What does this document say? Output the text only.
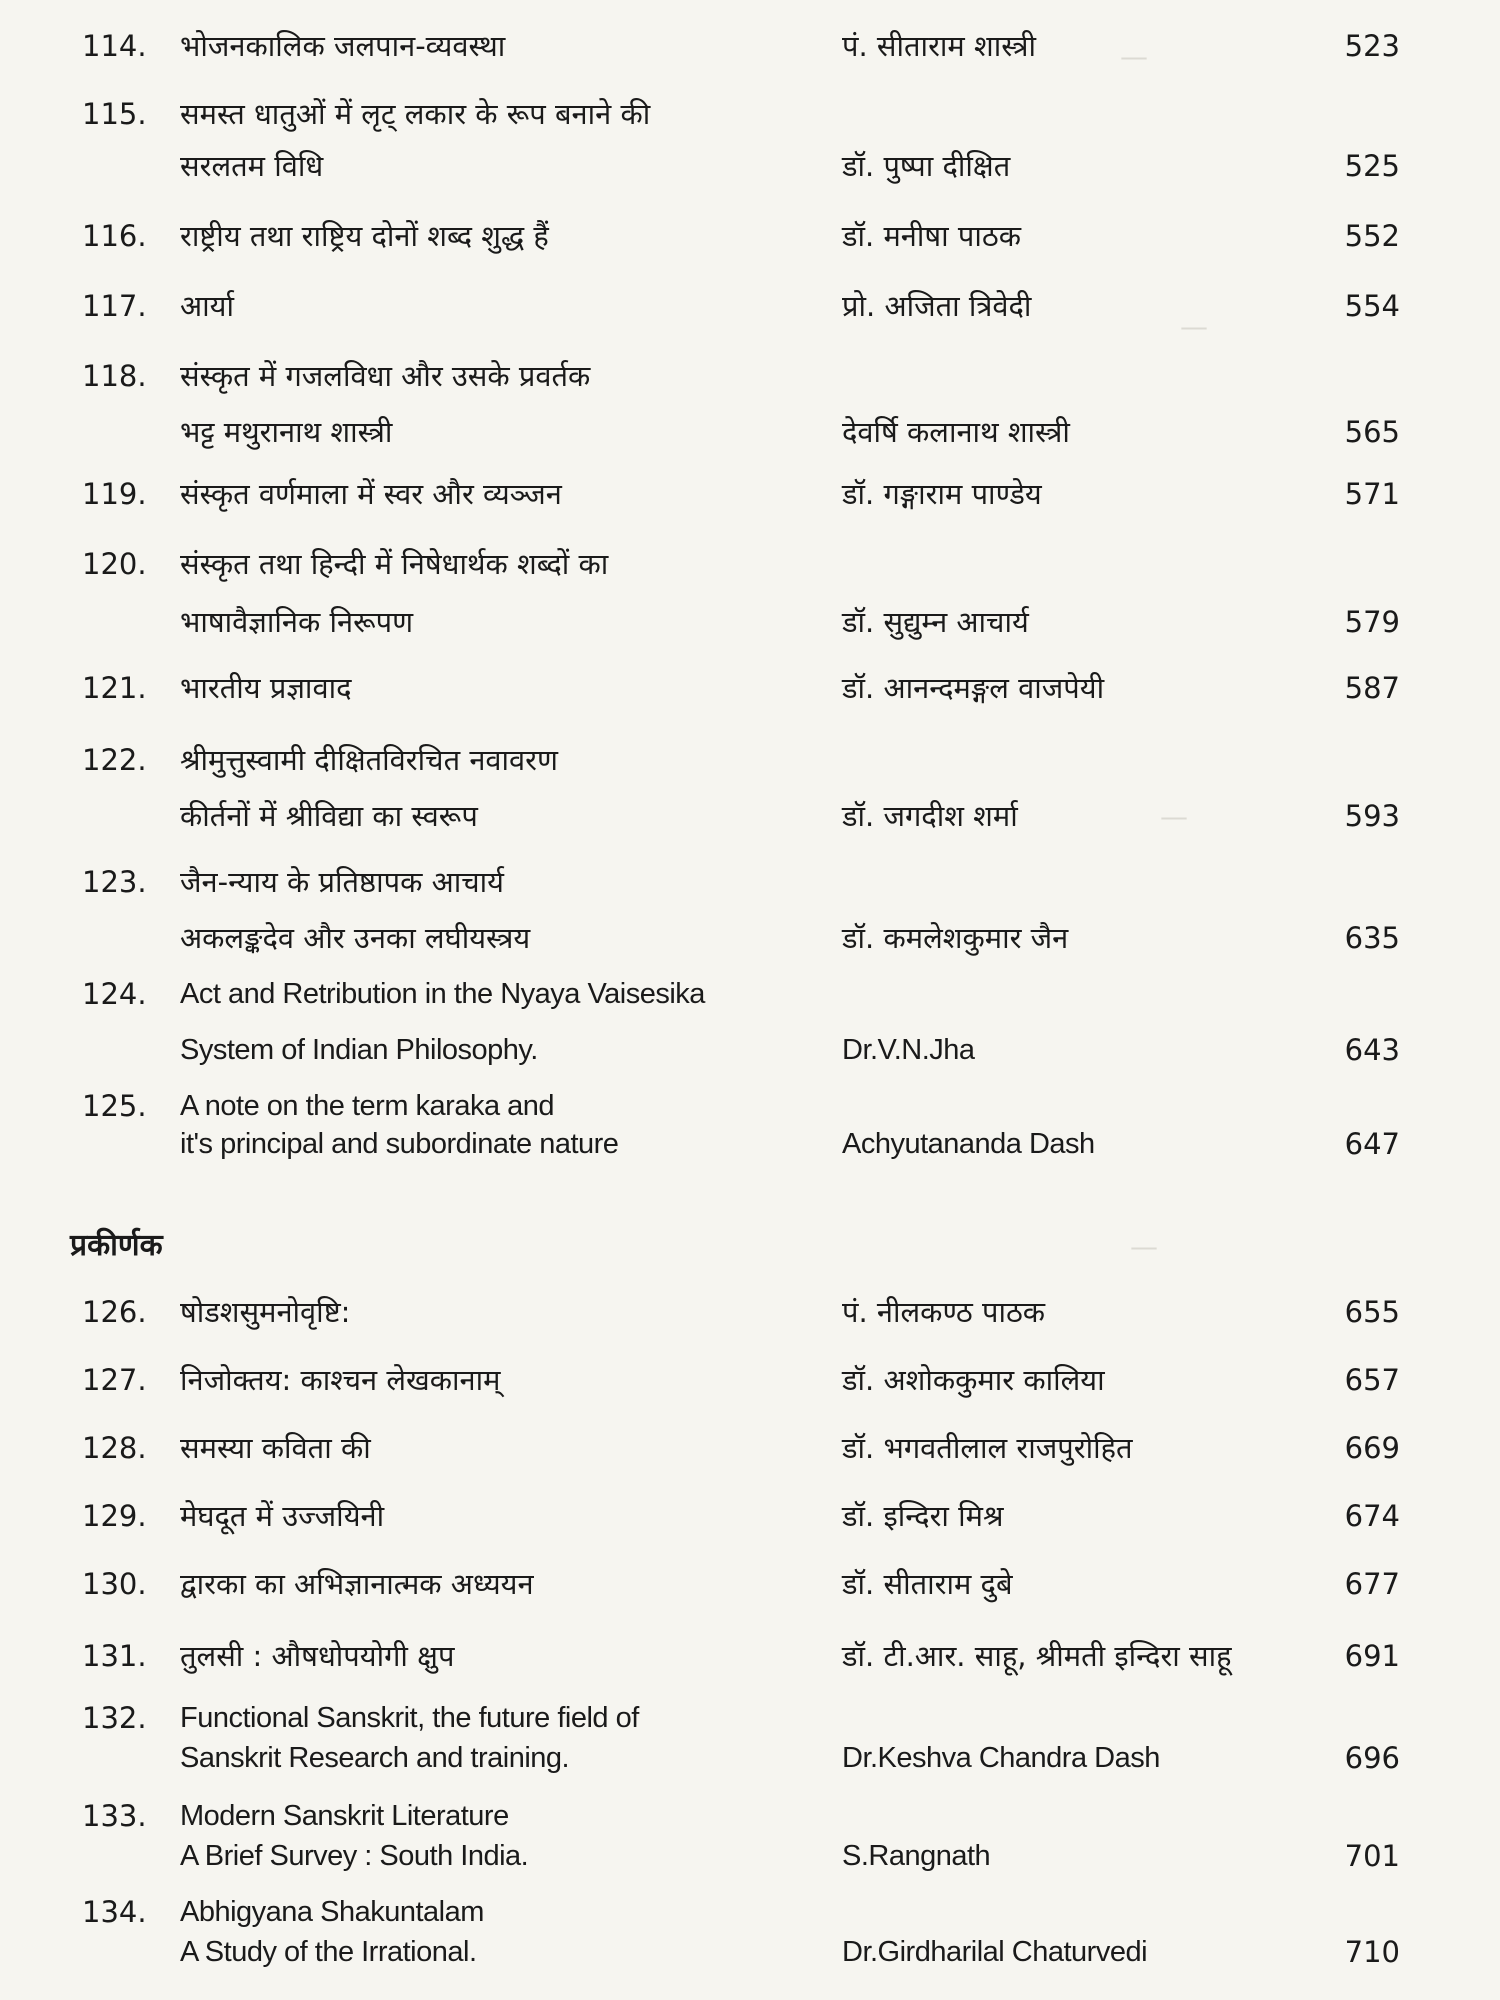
—
—
—
—
114.	भोजनकालिक जलपान-व्यवस्था	पं. सीताराम शास्त्री	523
115.	समस्त धातुओं में लृट् लकार के रूप बनाने की
सरलतम विधि	डॉ. पुष्पा दीक्षित	525
116.	राष्ट्रीय तथा राष्ट्रिय दोनों शब्द शुद्ध हैं	डॉ. मनीषा पाठक	552
117.	आर्या	प्रो. अजिता त्रिवेदी	554
118.	संस्कृत में गजलविधा और उसके प्रवर्तक
भट्ट मथुरानाथ शास्त्री	देवर्षि कलानाथ शास्त्री	565
119.	संस्कृत वर्णमाला में स्वर और व्यञ्जन	डॉ. गङ्गाराम पाण्डेय	571
120.	संस्कृत तथा हिन्दी में निषेधार्थक शब्दों का
भाषावैज्ञानिक निरूपण	डॉ. सुद्युम्न आचार्य	579
121.	भारतीय प्रज्ञावाद	डॉ. आनन्दमङ्गल वाजपेयी	587
122.	श्रीमुत्तुस्वामी दीक्षितविरचित नवावरण
कीर्तनों में श्रीविद्या का स्वरूप	डॉ. जगदीश शर्मा	593
123.	जैन-न्याय के प्रतिष्ठापक आचार्य
अकलङ्कदेव और उनका लघीयस्त्रय	डॉ. कमलेशकुमार जैन	635
124.	Act and Retribution in the Nyaya Vaisesika
System of Indian Philosophy.	Dr.V.N.Jha	643
125.	A note on the term karaka and
it's principal and subordinate nature	Achyutananda Dash	647
प्रकीर्णक
126.	षोडशसुमनोवृष्टि:	पं. नीलकण्ठ पाठक	655
127.	निजोक्तय: काश्चन लेखकानाम्	डॉ. अशोककुमार कालिया	657
128.	समस्या कविता की	डॉ. भगवतीलाल राजपुरोहित	669
129.	मेघदूत में उज्जयिनी	डॉ. इन्दिरा मिश्र	674
130.	द्वारका का अभिज्ञानात्मक अध्ययन	डॉ. सीताराम दुबे	677
131.	तुलसी : औषधोपयोगी क्षुप	डॉ. टी.आर. साहू, श्रीमती इन्दिरा साहू	691
132.	Functional Sanskrit, the future field of
Sanskrit Research and training.	Dr.Keshva Chandra Dash	696
133.	Modern Sanskrit Literature
A Brief Survey : South India.	S.Rangnath	701
134.	Abhigyana Shakuntalam
A Study of the Irrational.	Dr.Girdharilal Chaturvedi	710
